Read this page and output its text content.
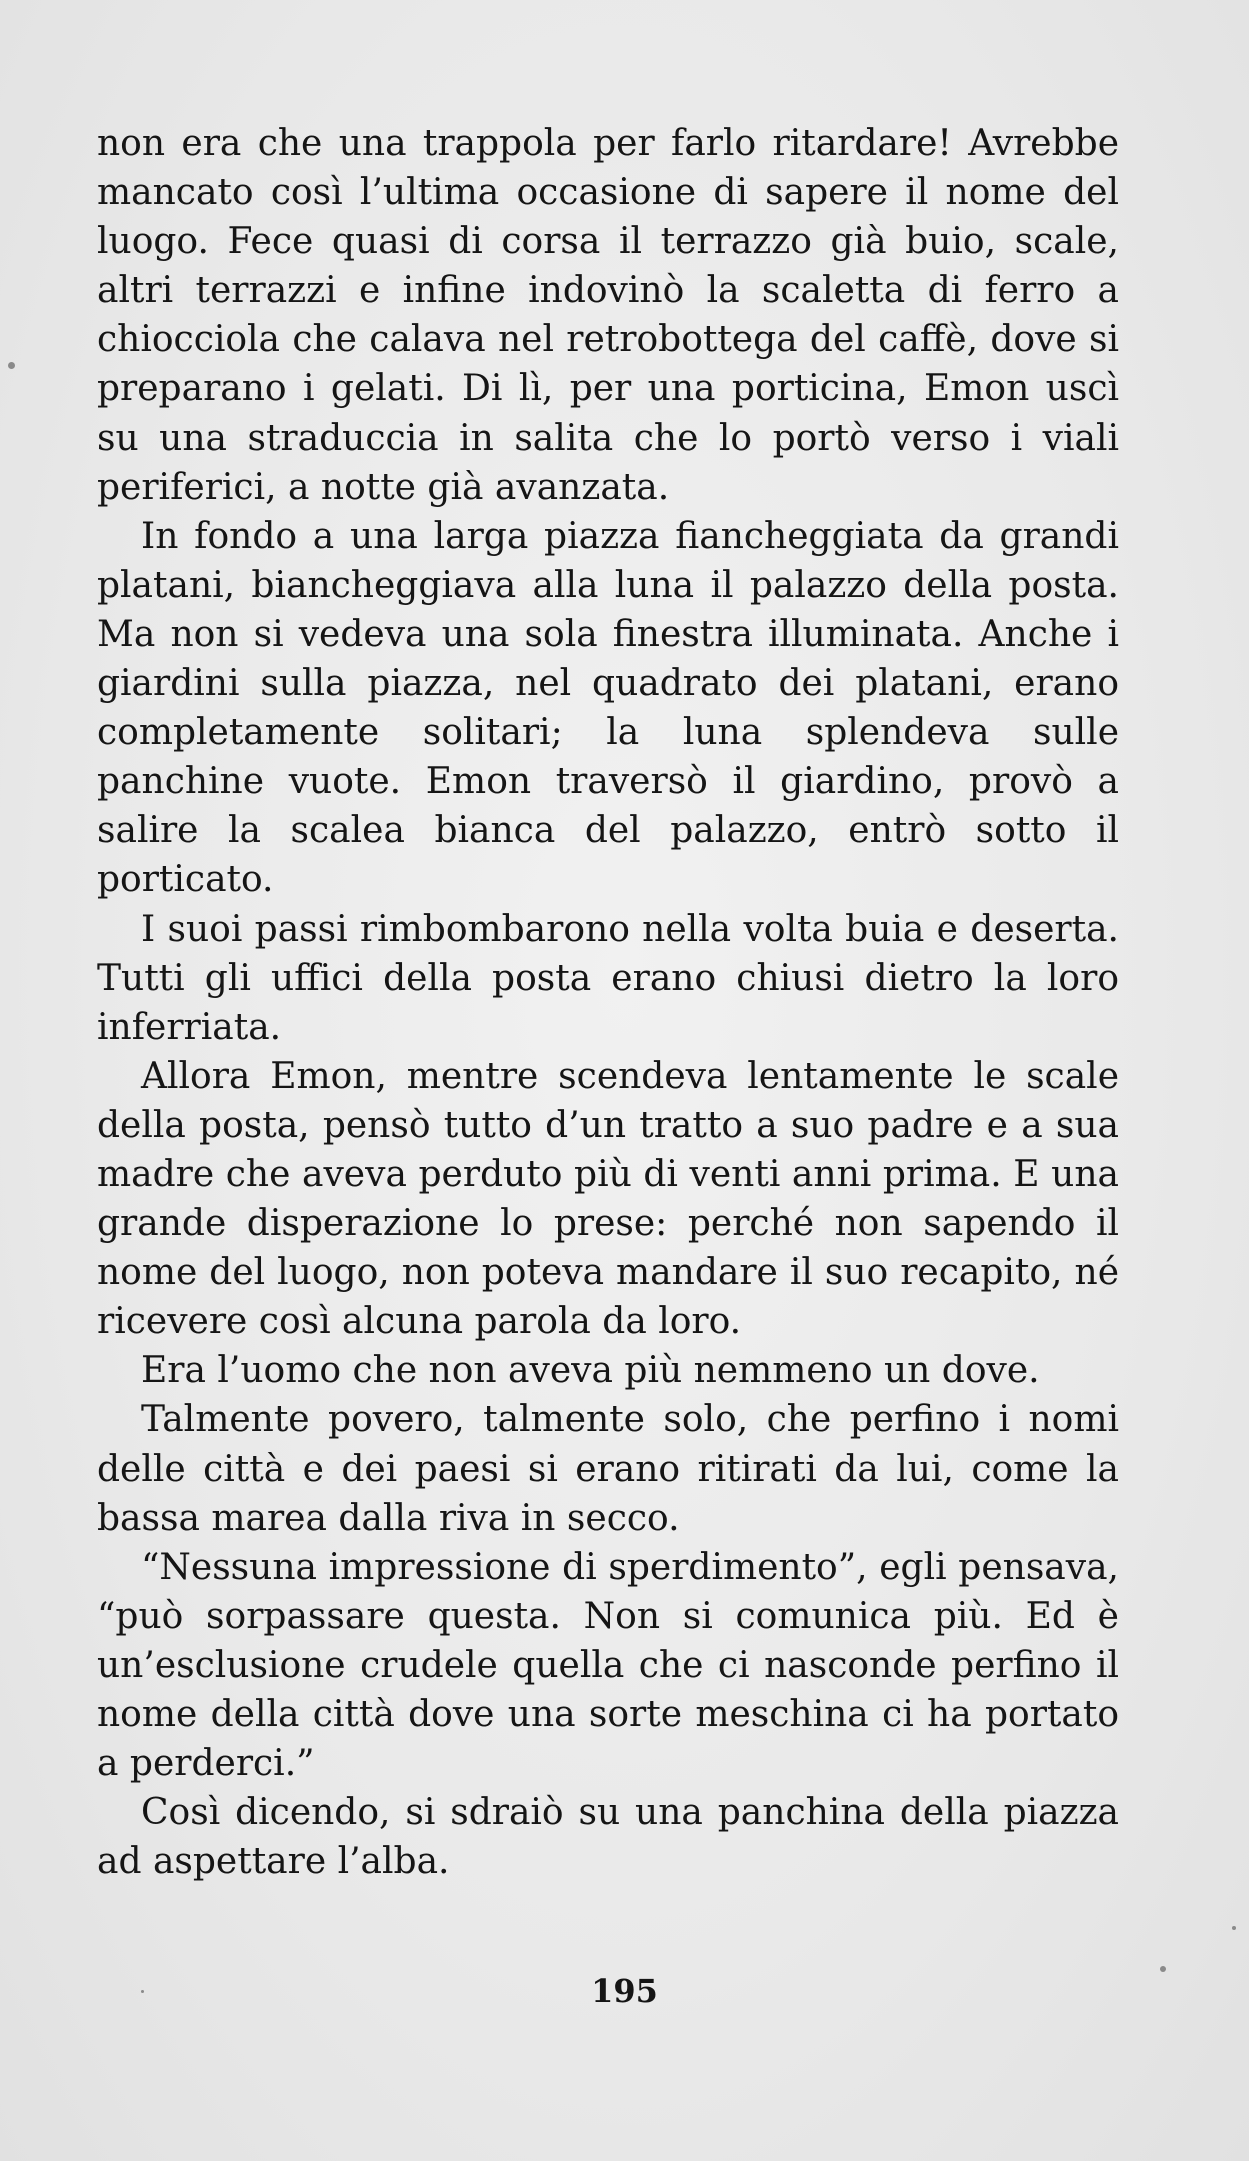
non era che una trappola per farlo ritardare! Avrebbe mancato così l’ultima occasione di sapere il nome del luogo. Fece quasi di corsa il terrazzo già buio, scale, altri terrazzi e infine indovinò la scaletta di ferro a chiocciola che calava nel retrobottega del caffè, dove si preparano i gelati. Di lì, per una porticina, Emon uscì su una straduccia in salita che lo portò verso i viali periferici, a notte già avanzata.

In fondo a una larga piazza fiancheggiata da grandi platani, biancheggiava alla luna il palazzo della posta. Ma non si vedeva una sola finestra illuminata. Anche i giardini sulla piazza, nel quadrato dei platani, erano completamente solitari; la luna splendeva sulle panchine vuote. Emon traversò il giardino, provò a salire la scalea bianca del palazzo, entrò sotto il porticato.

I suoi passi rimbombarono nella volta buia e deserta. Tutti gli uffici della posta erano chiusi dietro la loro inferriata.

Allora Emon, mentre scendeva lentamente le scale della posta, pensò tutto d’un tratto a suo padre e a sua madre che aveva perduto più di venti anni prima. E una grande disperazione lo prese: perché non sapendo il nome del luogo, non poteva mandare il suo recapito, né ricevere così alcuna parola da loro.

Era l’uomo che non aveva più nemmeno un dove.

Talmente povero, talmente solo, che perfino i nomi delle città e dei paesi si erano ritirati da lui, come la bassa marea dalla riva in secco.

“Nessuna impressione di sperdimento”, egli pensava, “può sorpassare questa. Non si comunica più. Ed è un’esclusione crudele quella che ci nasconde perfino il nome della città dove una sorte meschina ci ha portato a perderci.”

Così dicendo, si sdraiò su una panchina della piazza ad aspettare l’alba.

195
